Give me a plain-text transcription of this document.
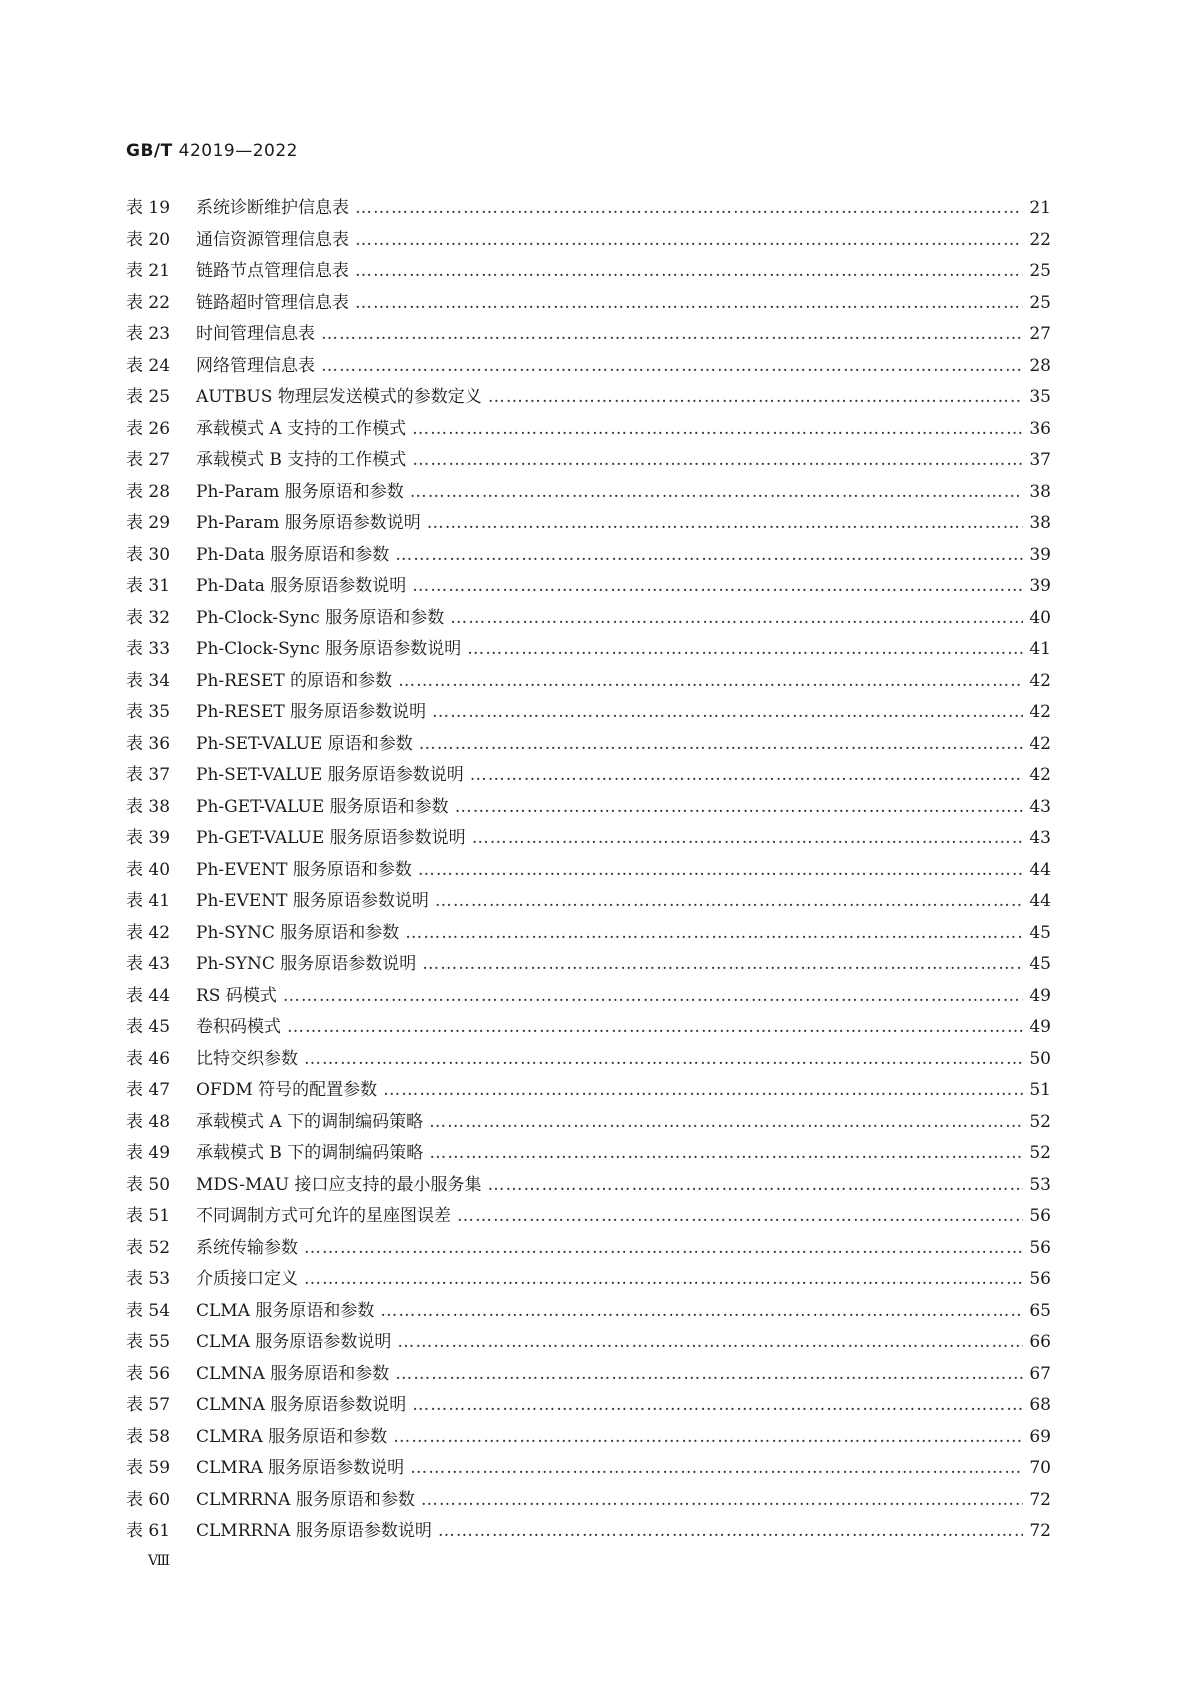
GB/T 42019—2022
表 19	系统诊断维护信息表 ……………………………………………………………………………………………………………………………………………………………………………………	21
表 20	通信资源管理信息表 ……………………………………………………………………………………………………………………………………………………………………………………	22
表 21	链路节点管理信息表 ……………………………………………………………………………………………………………………………………………………………………………………	25
表 22	链路超时管理信息表 ……………………………………………………………………………………………………………………………………………………………………………………	25
表 23	时间管理信息表 ……………………………………………………………………………………………………………………………………………………………………………………	27
表 24	网络管理信息表 ……………………………………………………………………………………………………………………………………………………………………………………	28
表 25	AUTBUS 物理层发送模式的参数定义 ……………………………………………………………………………………………………………………………………………………………………………………	35
表 26	承载模式 A 支持的工作模式 ……………………………………………………………………………………………………………………………………………………………………………………	36
表 27	承载模式 B 支持的工作模式 ……………………………………………………………………………………………………………………………………………………………………………………	37
表 28	Ph-Param 服务原语和参数 ……………………………………………………………………………………………………………………………………………………………………………………	38
表 29	Ph-Param 服务原语参数说明 ……………………………………………………………………………………………………………………………………………………………………………………	38
表 30	Ph-Data 服务原语和参数 ……………………………………………………………………………………………………………………………………………………………………………………	39
表 31	Ph-Data 服务原语参数说明 ……………………………………………………………………………………………………………………………………………………………………………………	39
表 32	Ph-Clock-Sync 服务原语和参数 ……………………………………………………………………………………………………………………………………………………………………………………	40
表 33	Ph-Clock-Sync 服务原语参数说明 ……………………………………………………………………………………………………………………………………………………………………………………	41
表 34	Ph-RESET 的原语和参数 ……………………………………………………………………………………………………………………………………………………………………………………	42
表 35	Ph-RESET 服务原语参数说明 ……………………………………………………………………………………………………………………………………………………………………………………	42
表 36	Ph-SET-VALUE 原语和参数 ……………………………………………………………………………………………………………………………………………………………………………………	42
表 37	Ph-SET-VALUE 服务原语参数说明 ……………………………………………………………………………………………………………………………………………………………………………………	42
表 38	Ph-GET-VALUE 服务原语和参数 ……………………………………………………………………………………………………………………………………………………………………………………	43
表 39	Ph-GET-VALUE 服务原语参数说明 ……………………………………………………………………………………………………………………………………………………………………………………	43
表 40	Ph-EVENT 服务原语和参数 ……………………………………………………………………………………………………………………………………………………………………………………	44
表 41	Ph-EVENT 服务原语参数说明 ……………………………………………………………………………………………………………………………………………………………………………………	44
表 42	Ph-SYNC 服务原语和参数 ……………………………………………………………………………………………………………………………………………………………………………………	45
表 43	Ph-SYNC 服务原语参数说明 ……………………………………………………………………………………………………………………………………………………………………………………	45
表 44	RS 码模式 ……………………………………………………………………………………………………………………………………………………………………………………	49
表 45	卷积码模式 ……………………………………………………………………………………………………………………………………………………………………………………	49
表 46	比特交织参数 ……………………………………………………………………………………………………………………………………………………………………………………	50
表 47	OFDM 符号的配置参数 ……………………………………………………………………………………………………………………………………………………………………………………	51
表 48	承载模式 A 下的调制编码策略 ……………………………………………………………………………………………………………………………………………………………………………………	52
表 49	承载模式 B 下的调制编码策略 ……………………………………………………………………………………………………………………………………………………………………………………	52
表 50	MDS-MAU 接口应支持的最小服务集 ……………………………………………………………………………………………………………………………………………………………………………………	53
表 51	不同调制方式可允许的星座图误差 ……………………………………………………………………………………………………………………………………………………………………………………	56
表 52	系统传输参数 ……………………………………………………………………………………………………………………………………………………………………………………	56
表 53	介质接口定义 ……………………………………………………………………………………………………………………………………………………………………………………	56
表 54	CLMA 服务原语和参数 ……………………………………………………………………………………………………………………………………………………………………………………	65
表 55	CLMA 服务原语参数说明 ……………………………………………………………………………………………………………………………………………………………………………………	66
表 56	CLMNA 服务原语和参数 ……………………………………………………………………………………………………………………………………………………………………………………	67
表 57	CLMNA 服务原语参数说明 ……………………………………………………………………………………………………………………………………………………………………………………	68
表 58	CLMRA 服务原语和参数 ……………………………………………………………………………………………………………………………………………………………………………………	69
表 59	CLMRA 服务原语参数说明 ……………………………………………………………………………………………………………………………………………………………………………………	70
表 60	CLMRRNA 服务原语和参数 ……………………………………………………………………………………………………………………………………………………………………………………	72
表 61	CLMRRNA 服务原语参数说明 ……………………………………………………………………………………………………………………………………………………………………………………	72
Ⅷ
